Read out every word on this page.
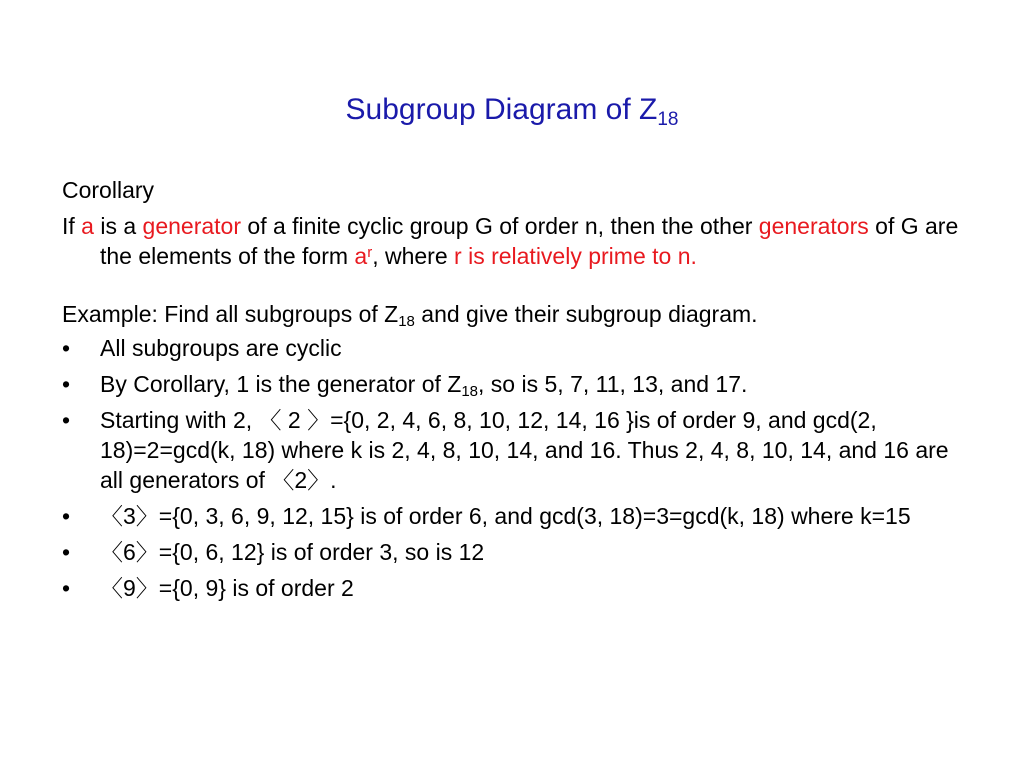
Subgroup Diagram of $Z_{18}$

Corollary

If a is a generator of a finite cyclic group G of order n, then the other generators of G are the elements of the form $a^r$, where r is relatively prime to n.

Example: Find all subgroups of $Z_{18}$ and give their subgroup diagram.

•	All subgroups are cyclic
•	By Corollary, 1 is the generator of $Z_{18}$, so is 5, 7, 11, 13, and 17.
•	Starting with 2, 〈 2 〉={0, 2, 4, 6, 8, 10, 12, 14, 16 }is of order 9, and gcd(2, 18)=2=gcd(k, 18) where k is 2, 4, 8, 10, 14, and 16. Thus 2, 4, 8, 10, 14, and 16 are all generators of 〈2〉.
•	〈3〉={0, 3, 6, 9, 12, 15} is of order 6, and gcd(3, 18)=3=gcd(k, 18) where k=15
•	〈6〉={0, 6, 12} is of order 3, so is 12
•	〈9〉={0, 9} is of order 2
